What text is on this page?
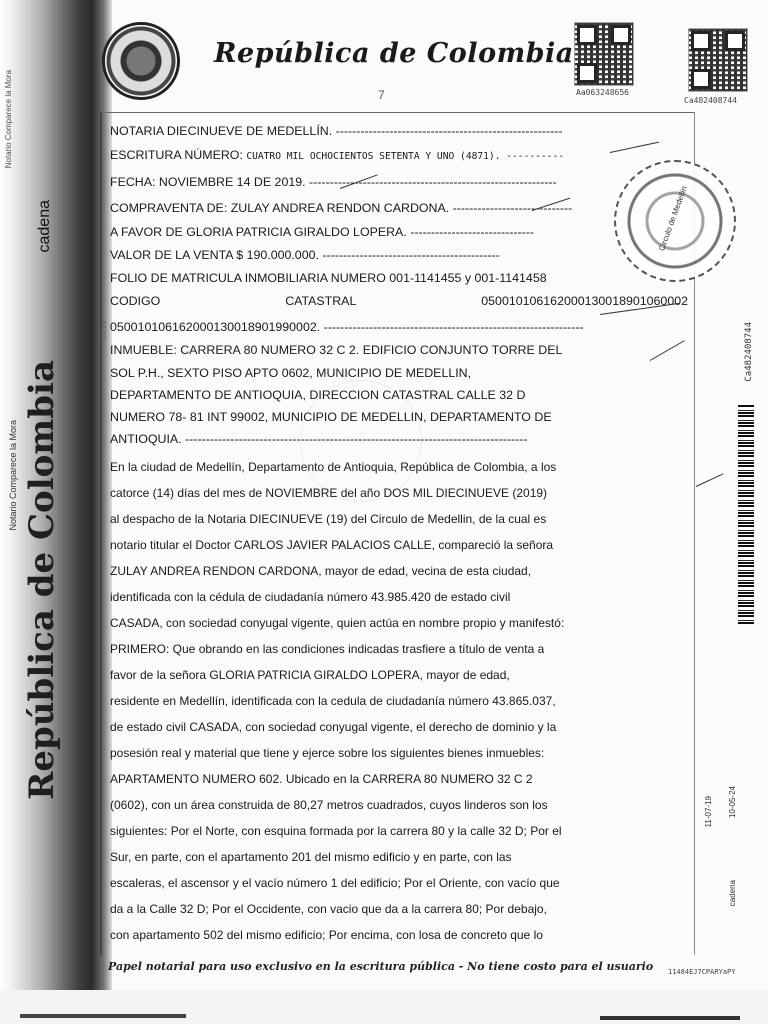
Notario Comparece la Mora
cadena
República de Colombia
Notario Comparece la Mora
2019
República de Colombia
Aa063248656
Ca482408744
7
NOTARIA DIECINUEVE DE MEDELLÍN. -------------------------------------------------------
ESCRITURA NÚMERO: CUATRO MIL OCHOCIENTOS SETENTA Y UNO (4871). ----------
FECHA: NOVIEMBRE 14 DE 2019. ------------------------------------------------------------
COMPRAVENTA DE: ZULAY ANDREA RENDON CARDONA. -----------------------------
A FAVOR DE GLORIA PATRICIA GIRALDO LOPERA. ------------------------------
VALOR DE LA VENTA $ 190.000.000. -------------------------------------------
FOLIO DE MATRICULA INMOBILIARIA NUMERO 001-1141455 y 001-1141458
CODIGO	CATASTRAL	050010106162000130018901060002
050010106162000130018901990002. ---------------------------------------------------------------
INMUEBLE: CARRERA 80 NUMERO 32 C 2. EDIFICIO CONJUNTO TORRE DEL
SOL P.H., SEXTO PISO APTO 0602, MUNICIPIO DE MEDELLIN,
DEPARTAMENTO DE ANTIOQUIA, DIRECCION CATASTRAL CALLE 32 D
NUMERO 78- 81 INT 99002, MUNICIPIO DE MEDELLIN, DEPARTAMENTO DE
ANTIOQUIA. -----------------------------------------------------------------------------------
En la ciudad de Medellín, Departamento de Antioquia, República de Colombia, a los
catorce (14) días del mes de NOVIEMBRE del año DOS MIL DIECINUEVE (2019)
al despacho de la Notaria DIECINUEVE (19) del Circulo de Medellin, de la cual es
notario titular el Doctor CARLOS JAVIER PALACIOS CALLE, compareció la señora
ZULAY ANDREA RENDON CARDONA, mayor de edad, vecina de esta ciudad,
identificada con la cédula de ciudadanía número 43.985.420 de estado civil
CASADA, con sociedad conyugal vigente, quien actúa en nombre propio y manifestó:
PRIMERO: Que obrando en las condiciones indicadas trasfiere a título de venta a
favor de la señora GLORIA PATRICIA GIRALDO LOPERA, mayor de edad,
residente en Medellín, identificada con la cedula de ciudadanía número 43.865.037,
de estado civil CASADA, con sociedad conyugal vigente, el derecho de dominio y la
posesión real y material que tiene y ejerce sobre los siguientes bienes inmuebles:
APARTAMENTO NUMERO 602. Ubicado en la CARRERA 80 NUMERO 32 C 2
(0602), con un área construida de 80,27 metros cuadrados, cuyos linderos son los
siguientes: Por el Norte, con esquina formada por la carrera 80 y la calle 32 D; Por el
Sur, en parte, con el apartamento 201 del mismo edificio y en parte, con las
escaleras, el ascensor y el vacío número 1 del edificio; Por el Oriente, con vacío que
da a la Calle 32 D; Por el Occidente, con vacio que da a la carrera 80; Por debajo,
con apartamento 502 del mismo edificio; Por encima, con losa de concreto que lo
Circulo de Medellín
Ca482408744
11-07-19 10-05-24
cadena
Papel notarial para uso exclusivo en la escritura pública - No tiene costo para el usuario 11484EJ7CPARYaPY
